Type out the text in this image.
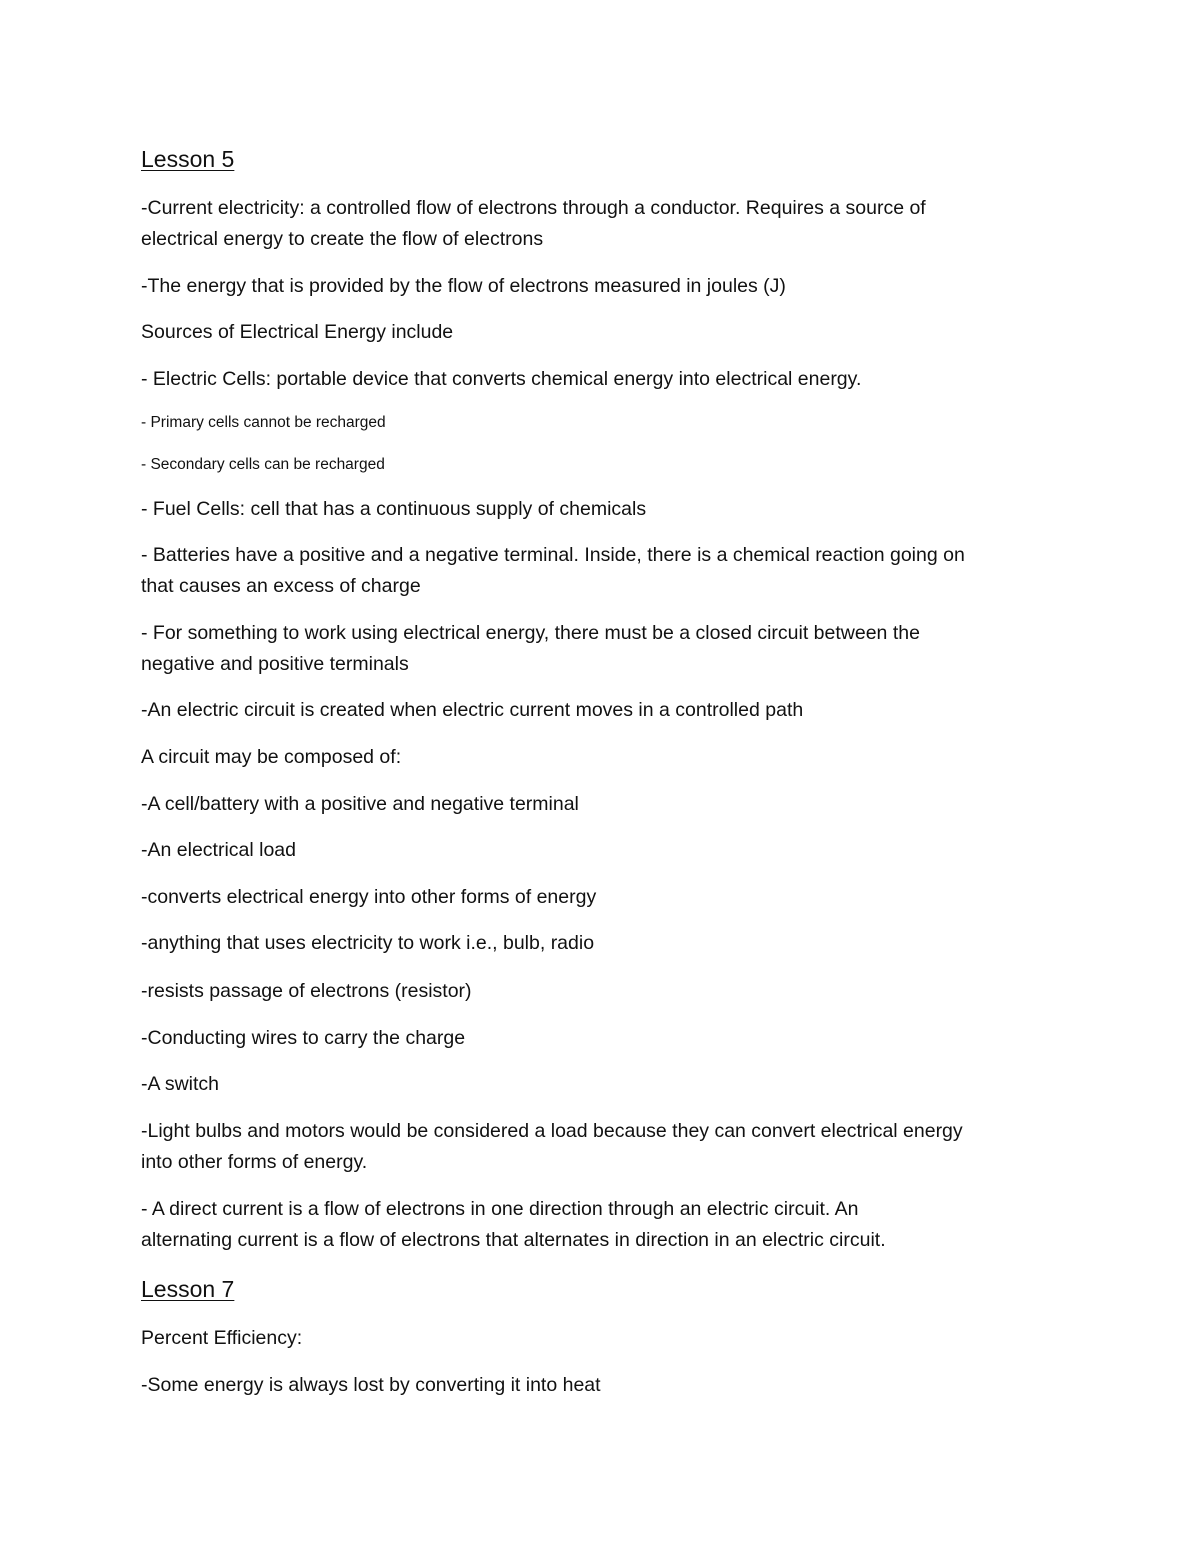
Lesson 5
-Current electricity: a controlled flow of electrons through a conductor. Requires a source of
electrical energy to create the flow of electrons
-The energy that is provided by the flow of electrons measured in joules (J)
Sources of Electrical Energy include
- Electric Cells: portable device that converts chemical energy into electrical energy.
- Primary cells cannot be recharged
- Secondary cells can be recharged
- Fuel Cells: cell that has a continuous supply of chemicals
- Batteries have a positive and a negative terminal. Inside, there is a chemical reaction going on
that causes an excess of charge
- For something to work using electrical energy, there must be a closed circuit between the
negative and positive terminals
-An electric circuit is created when electric current moves in a controlled path
A circuit may be composed of:
-A cell/battery with a positive and negative terminal
-An electrical load
-converts electrical energy into other forms of energy
-anything that uses electricity to work i.e., bulb, radio
-resists passage of electrons (resistor)
-Conducting wires to carry the charge
-A switch
-Light bulbs and motors would be considered a load because they can convert electrical energy
into other forms of energy.
- A direct current is a flow of electrons in one direction through an electric circuit. An
alternating current is a flow of electrons that alternates in direction in an electric circuit.
Lesson 7
Percent Efficiency:
-Some energy is always lost by converting it into heat
